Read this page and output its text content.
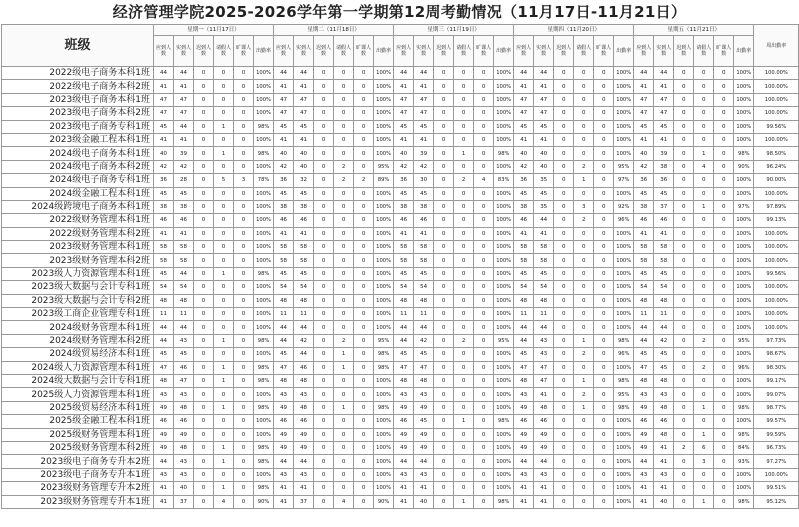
经济管理学院2025-2026学年第一学期第12周考勤情况（11月17日-11月21日）
班级	星期一（11月17日）						星期二（11月18日）						星期三（11月19日）						星期四（11月20日）						星期五（11月21日）						周出勤率
	应到人数	实到人数	迟到人数	请假人数	旷课人数	出勤率	应到人数	实到人数	迟到人数	请假人数	旷课人数	出勤率	应到人数	实到人数	迟到人数	请假人数	旷课人数	出勤率	应到人数	实到人数	迟到人数	请假人数	旷课人数	出勤率	应到人数	实到人数	迟到人数	请假人数	旷课人数	出勤率	
2022级电子商务本科1班	44	44	0	0	0	100%	44	44	0	0	0	100%	44	44	0	0	0	100%	44	44	0	0	0	100%	44	44	0	0	0	100%	100.00%
2022级电子商务本科2班	41	41	0	0	0	100%	41	41	0	0	0	100%	41	41	0	0	0	100%	41	41	0	0	0	100%	41	41	0	0	0	100%	100.00%
2023级电子商务本科1班	47	47	0	0	0	100%	47	47	0	0	0	100%	47	47	0	0	0	100%	47	47	0	0	0	100%	47	47	0	0	0	100%	100.00%
2023级电子商务本科2班	47	47	0	0	0	100%	47	47	0	0	0	100%	47	47	0	0	0	100%	47	47	0	0	0	100%	47	47	0	0	0	100%	100.00%
2023级电子商务专科1班	45	44	0	1	0	98%	45	45	0	0	0	100%	45	45	0	0	0	100%	45	45	0	0	0	100%	45	45	0	0	0	100%	99.56%
2023级金融工程本科1班	41	41	0	0	0	100%	41	41	0	0	0	100%	41	41	0	0	0	100%	41	41	0	0	0	100%	41	41	0	0	0	100%	100.00%
2024级电子商务本科1班	40	39	0	1	0	98%	40	40	0	0	0	100%	40	39	0	1	0	98%	40	40	0	0	0	100%	40	39	0	1	0	98%	98.50%
2024级电子商务本科2班	42	42	0	0	0	100%	42	40	0	2	0	95%	42	42	0	0	0	100%	42	40	0	2	0	95%	42	38	0	4	0	90%	96.24%
2024级电子商务专科1班	36	28	0	5	3	78%	36	32	0	2	2	89%	36	30	0	2	4	83%	36	35	0	1	0	97%	36	36	0	0	0	100%	90.00%
2024级金融工程本科1班	45	45	0	0	0	100%	45	45	0	0	0	100%	45	45	0	0	0	100%	45	45	0	0	0	100%	45	45	0	0	0	100%	100.00%
2024级跨境电子商务本科1班	38	38	0	0	0	100%	38	38	0	0	0	100%	38	38	0	0	0	100%	38	35	0	3	0	92%	38	37	0	1	0	97%	97.89%
2022级财务管理本科1班	46	46	0	0	0	100%	46	46	0	0	0	100%	46	46	0	0	0	100%	46	44	0	2	0	96%	46	46	0	0	0	100%	99.13%
2022级财务管理本科2班	41	41	0	0	0	100%	41	41	0	0	0	100%	41	41	0	0	0	100%	41	41	0	0	0	100%	41	41	0	0	0	100%	100.00%
2023级财务管理本科1班	58	58	0	0	0	100%	58	58	0	0	0	100%	58	58	0	0	0	100%	58	58	0	0	0	100%	58	58	0	0	0	100%	100.00%
2023级财务管理本科2班	58	58	0	0	0	100%	58	58	0	0	0	100%	58	58	0	0	0	100%	58	58	0	0	0	100%	58	58	0	0	0	100%	100.00%
2023级人力资源管理本科1班	45	44	0	1	0	98%	45	45	0	0	0	100%	45	45	0	0	0	100%	45	45	0	0	0	100%	45	45	0	0	0	100%	99.56%
2023级大数据与会计专科1班	54	54	0	0	0	100%	54	54	0	0	0	100%	54	54	0	0	0	100%	54	54	0	0	0	100%	54	54	0	0	0	100%	100.00%
2023级大数据与会计专科2班	48	48	0	0	0	100%	48	48	0	0	0	100%	48	48	0	0	0	100%	48	48	0	0	0	100%	48	48	0	0	0	100%	100.00%
2023级工商企业管理专科1班	11	11	0	0	0	100%	11	11	0	0	0	100%	11	11	0	0	0	100%	11	11	0	0	0	100%	11	11	0	0	0	100%	100.00%
2024级财务管理本科1班	44	44	0	0	0	100%	44	44	0	0	0	100%	44	44	0	0	0	100%	44	44	0	0	0	100%	44	44	0	0	0	100%	100.00%
2024级财务管理本科2班	44	43	0	1	0	98%	44	42	0	2	0	95%	44	42	0	2	0	95%	44	43	0	1	0	98%	44	42	0	2	0	95%	97.73%
2024级贸易经济本科1班	45	45	0	0	0	100%	45	44	0	1	0	98%	45	45	0	0	0	100%	45	43	0	2	0	96%	45	45	0	0	0	100%	98.67%
2024级人力资源管理本科1班	47	46	0	1	0	98%	47	46	0	1	0	98%	47	47	0	0	0	100%	47	47	0	0	0	100%	47	45	0	2	0	96%	98.30%
2024级大数据与会计专科1班	48	47	0	1	0	98%	48	48	0	0	0	100%	48	48	0	0	0	100%	48	47	0	1	0	98%	48	48	0	0	0	100%	99.17%
2025级人力资源管理本科1班	43	43	0	0	0	100%	43	43	0	0	0	100%	43	43	0	0	0	100%	43	41	0	2	0	95%	43	43	0	0	0	100%	99.07%
2025级贸易经济本科1班	49	48	0	1	0	98%	49	48	0	1	0	98%	49	49	0	0	0	100%	49	48	0	1	0	98%	49	48	0	1	0	98%	98.77%
2025级金融工程本科1班	46	46	0	0	0	100%	46	46	0	0	0	100%	46	45	0	1	0	98%	46	46	0	0	0	100%	46	46	0	0	0	100%	99.57%
2025级财务管理本科1班	49	49	0	0	0	100%	49	49	0	0	0	100%	49	49	0	0	0	100%	49	49	0	0	0	100%	49	48	0	1	0	98%	99.59%
2025级财务管理本科2班	49	48	0	1	0	98%	49	49	0	0	0	100%	49	49	0	0	0	100%	49	49	0	0	0	100%	49	41	2	6	0	84%	96.73%
2023级电子商务专升本2班	44	43	0	1	0	98%	44	44	0	0	0	100%	44	44	0	0	0	100%	44	44	0	0	0	100%	44	41	0	3	0	93%	97.27%
2023级电子商务专升本1班	43	43	0	0	0	100%	43	43	0	0	0	100%	43	43	0	0	0	100%	43	43	0	0	0	100%	43	43	0	0	0	100%	100.00%
2023级财务管理专升本2班	41	40	0	1	0	98%	41	41	0	0	0	100%	41	41	0	0	0	100%	41	41	0	0	0	100%	41	41	0	0	0	100%	99.51%
2023级财务管理专升本1班	41	37	0	4	0	90%	41	37	0	4	0	90%	41	40	0	1	0	98%	41	41	0	0	0	100%	41	40	0	1	0	98%	95.12%
